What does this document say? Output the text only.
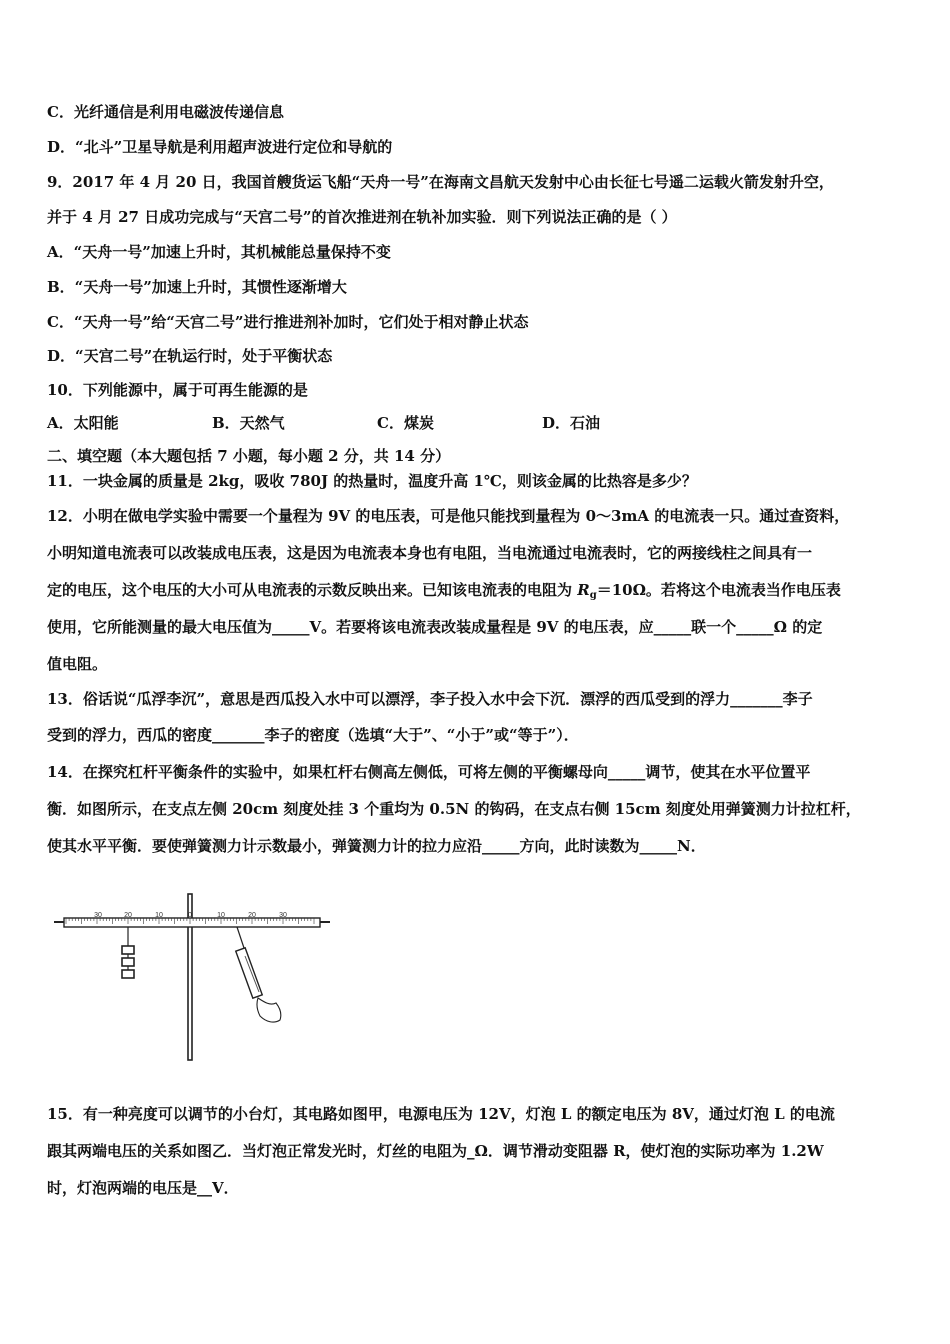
C．光纤通信是利用电磁波传递信息
D．“北斗”卫星导航是利用超声波进行定位和导航的
9．2017 年 4 月 20 日，我国首艘货运飞船“天舟一号”在海南文昌航天发射中心由长征七号遥二运载火箭发射升空，
并于 4 月 27 日成功完成与“天宫二号”的首次推进剂在轨补加实验．则下列说法正确的是（ ）
A．“天舟一号”加速上升时，其机械能总量保持不变
B．“天舟一号”加速上升时，其惯性逐渐增大
C．“天舟一号”给“天宫二号”进行推进剂补加时，它们处于相对静止状态
D．“天宫二号”在轨运行时，处于平衡状态
10．下列能源中，属于可再生能源的是
A．太阳能	B．天然气	C．煤炭	D．石油
二、填空题（本大题包括 7 小题，每小题 2 分，共 14 分）
11．一块金属的质量是 2kg，吸收 780J 的热量时，温度升高 1℃，则该金属的比热容是多少？
12．小明在做电学实验中需要一个量程为 9V 的电压表，可是他只能找到量程为 0～3mA 的电流表一只。通过查资料，
小明知道电流表可以改装成电压表，这是因为电流表本身也有电阻，当电流通过电流表时，它的两接线柱之间具有一
定的电压，这个电压的大小可从电流表的示数反映出来。已知该电流表的电阻为 $R_g=10\Omega$。若将这个电流表当作电压表
使用，它所能测量的最大电压值为_____V。若要将该电流表改装成量程是 9V 的电压表，应_____联一个_____Ω 的定
值电阻。
13．俗话说“瓜浮李沉”，意思是西瓜投入水中可以漂浮，李子投入水中会下沉．漂浮的西瓜受到的浮力_______李子
受到的浮力，西瓜的密度_______李子的密度（选填“大于”、“小于”或“等于”）．
14．在探究杠杆平衡条件的实验中，如果杠杆右侧高左侧低，可将左侧的平衡螺母向_____调节，使其在水平位置平
衡．如图所示，在支点左侧 20cm 刻度处挂 3 个重均为 0.5N 的钩码，在支点右侧 15cm 刻度处用弹簧测力计拉杠杆，
使其水平平衡．要使弹簧测力计示数最小，弹簧测力计的拉力应沿_____方向，此时读数为_____N．
30	20	10	0	10	20	30
15．有一种亮度可以调节的小台灯，其电路如图甲，电源电压为 12V，灯泡 L 的额定电压为 8V，通过灯泡 L 的电流
跟其两端电压的关系如图乙．当灯泡正常发光时，灯丝的电阻为_Ω．调节滑动变阻器 R，使灯泡的实际功率为 1.2W
时，灯泡两端的电压是__V．
